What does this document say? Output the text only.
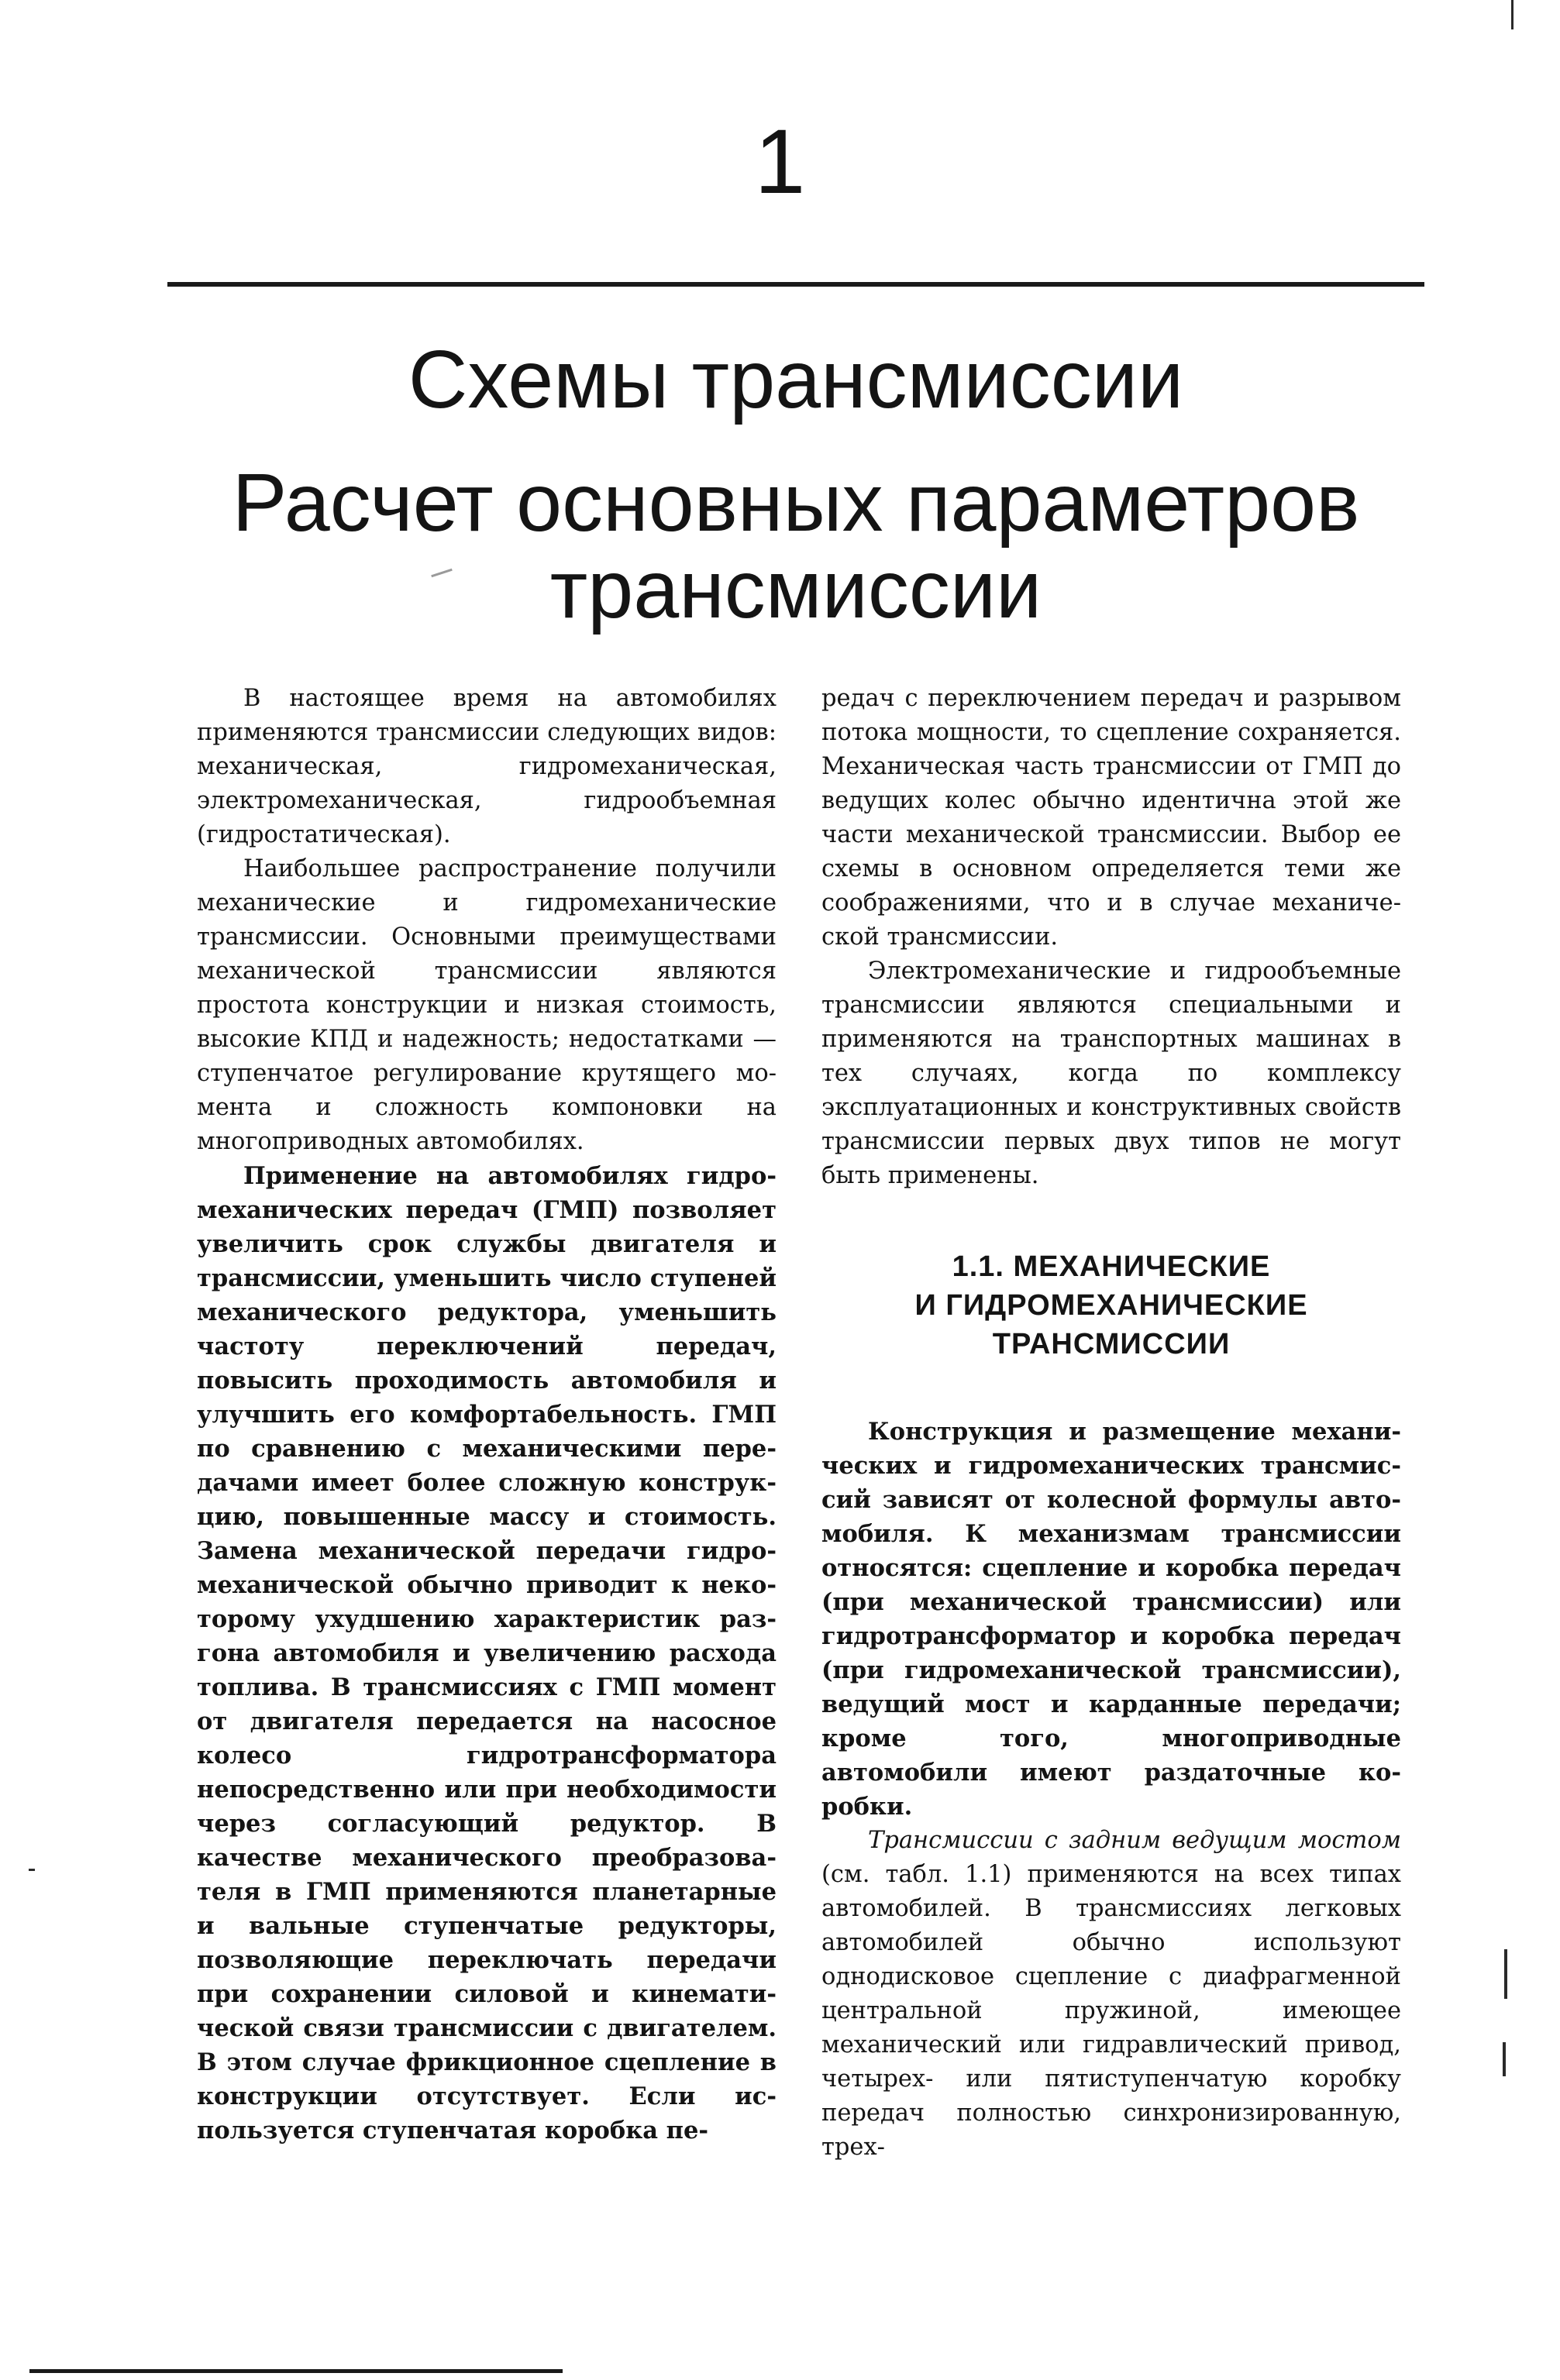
1
Схемы трансмиссии
Расчет основных параметров
трансмиссии

В настоящее время на автомобилях применяются трансмиссии следующих видов: механическая, гидромеханическая, электромеханическая, гидрообъемная (гидростатическая).

Наибольшее распространение получили механические и гидромеханические трансмиссии. Основными преимуществами механической трансмиссии являются простота конструкции и низкая стоимость, высокие КПД и надежность; недостатками — ступенчатое регулирование крутящего момента и сложность компоновки на многоприводных автомобилях.

Применение на автомобилях гидромеханических передач (ГМП) позволяет увеличить срок службы двигателя и трансмиссии, уменьшить число ступеней механического редуктора, уменьшить частоту переключений передач, повысить проходимость автомобиля и улучшить его комфортабельность. ГМП по сравнению с механическими передачами имеет более сложную конструкцию, повышенные массу и стоимость. Замена механической передачи гидромеханической обычно приводит к некоторому ухудшению характеристик разгона автомобиля и увеличению расхода топлива. В трансмиссиях с ГМП момент от двигателя передается на насосное колесо гидротрансформатора непосредственно или при необходимости через согласующий редуктор. В качестве механического преобразователя в ГМП применяются планетарные и вальные ступенчатые редукторы, позволяющие переключать передачи при сохранении силовой и кинематической связи трансмиссии с двигателем. В этом случае фрикционное сцепление в конструкции отсутствует. Если используется ступенчатая коробка пе-

редач с переключением передач и разрывом потока мощности, то сцепление сохраняется. Механическая часть трансмиссии от ГМП до ведущих колес обычно идентична этой же части механической трансмиссии. Выбор ее схемы в основном определяется теми же соображениями, что и в случае механической трансмиссии.

Электромеханические и гидрообъемные трансмиссии являются специальными и применяются на транспортных машинах в тех случаях, когда по комплексу эксплуатационных и конструктивных свойств трансмиссии первых двух типов не могут быть применены.

1.1. МЕХАНИЧЕСКИЕ
И ГИДРОМЕХАНИЧЕСКИЕ
ТРАНСМИССИИ

Конструкция и размещение механических и гидромеханических трансмиссий зависят от колесной формулы автомобиля. К механизмам трансмиссии относятся: сцепление и коробка передач (при механической трансмиссии) или гидротрансформатор и коробка передач (при гидромеханической трансмиссии), ведущий мост и карданные передачи; кроме того, многоприводные автомобили имеют раздаточные коробки.

Трансмиссии с задним ведущим мостом (см. табл. 1.1) применяются на всех типах автомобилей. В трансмиссиях легковых автомобилей обычно используют однодисковое сцепление с диафрагменной центральной пружиной, имеющее механический или гидравлический привод, четырех- или пятиступенчатую коробку передач полностью синхронизированную, трех-
